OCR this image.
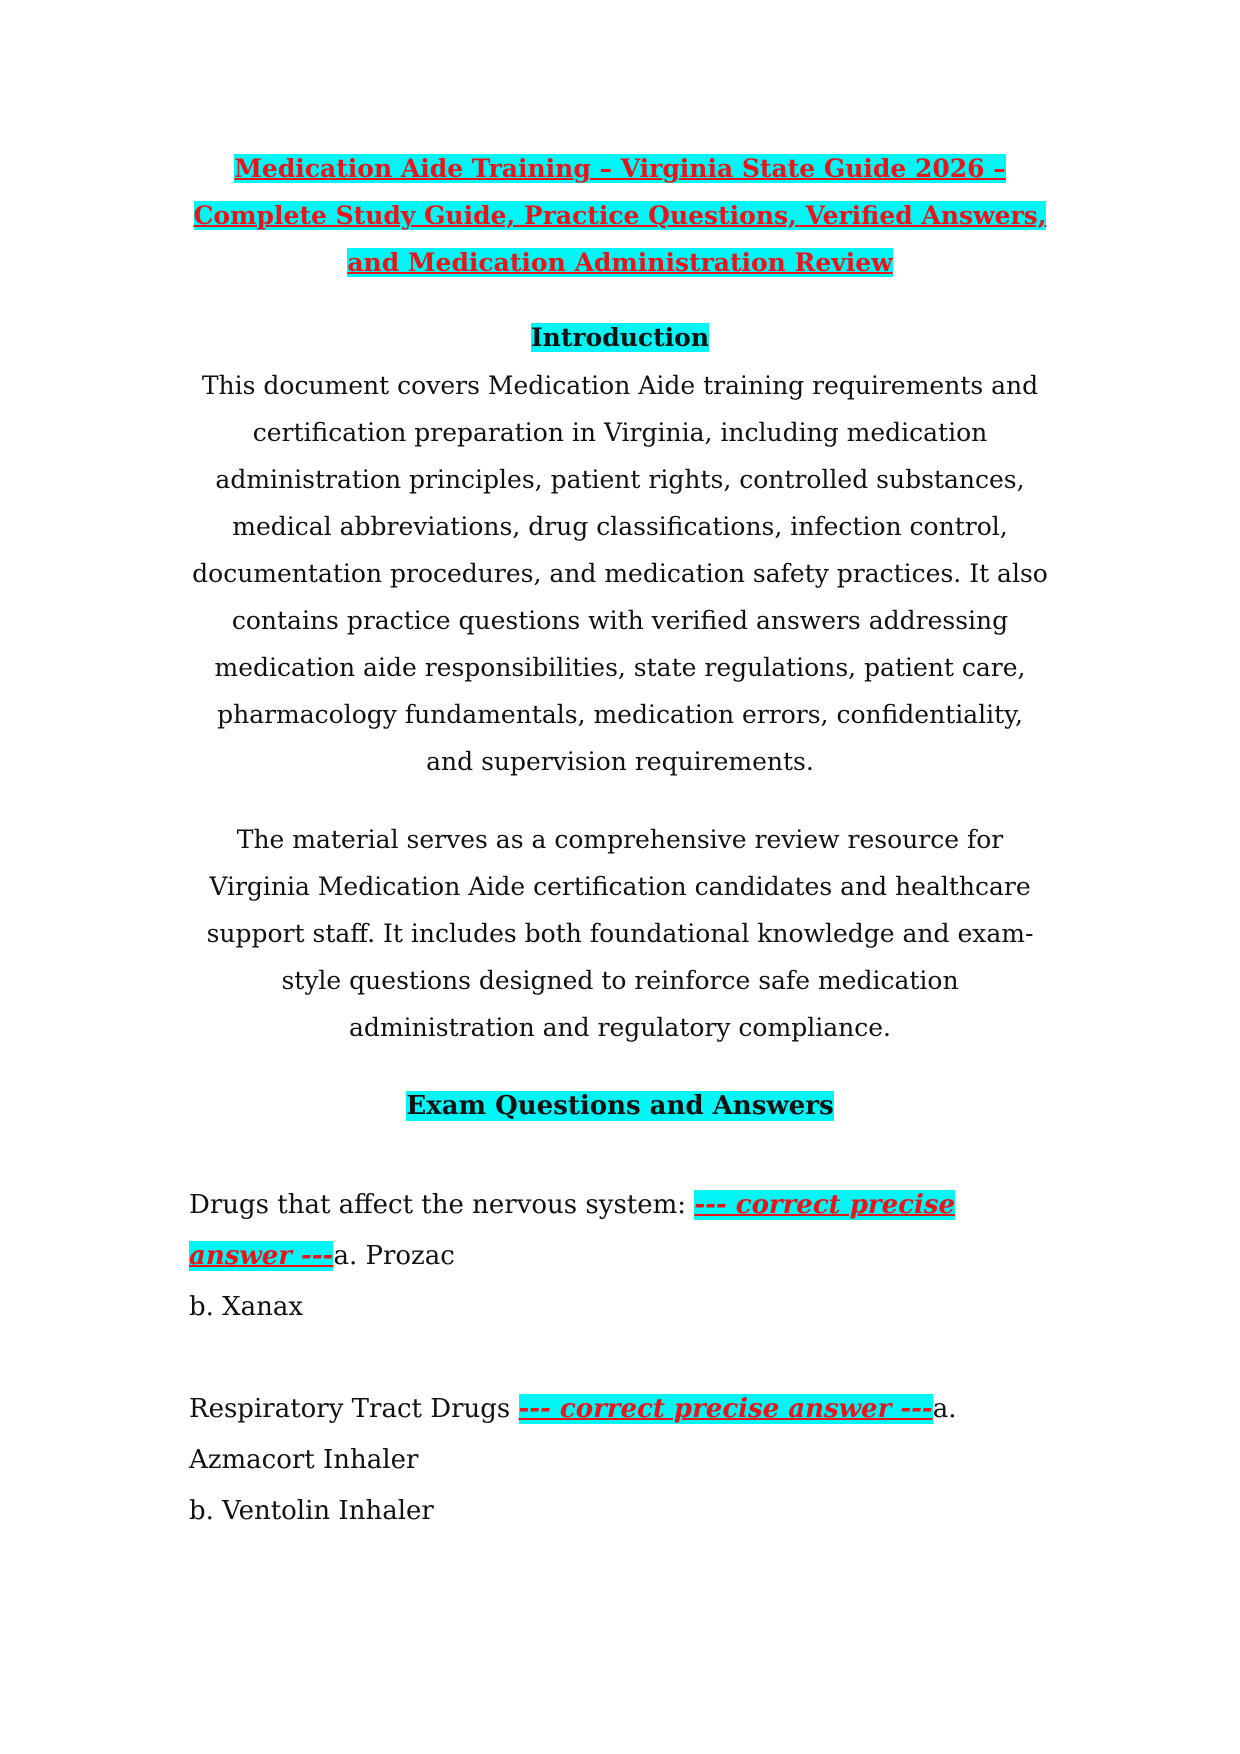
Medication Aide Training – Virginia State Guide 2026 –
Complete Study Guide, Practice Questions, Verified Answers,
and Medication Administration Review
Introduction
This document covers Medication Aide training requirements and
certification preparation in Virginia, including medication
administration principles, patient rights, controlled substances,
medical abbreviations, drug classifications, infection control,
documentation procedures, and medication safety practices. It also
contains practice questions with verified answers addressing
medication aide responsibilities, state regulations, patient care,
pharmacology fundamentals, medication errors, confidentiality,
and supervision requirements.
The material serves as a comprehensive review resource for
Virginia Medication Aide certification candidates and healthcare
support staff. It includes both foundational knowledge and exam-
style questions designed to reinforce safe medication
administration and regulatory compliance.
Exam Questions and Answers
Drugs that affect the nervous system: --- correct precise
answer ---a. Prozac
b. Xanax
Respiratory Tract Drugs --- correct precise answer ---a.
Azmacort Inhaler
b. Ventolin Inhaler
